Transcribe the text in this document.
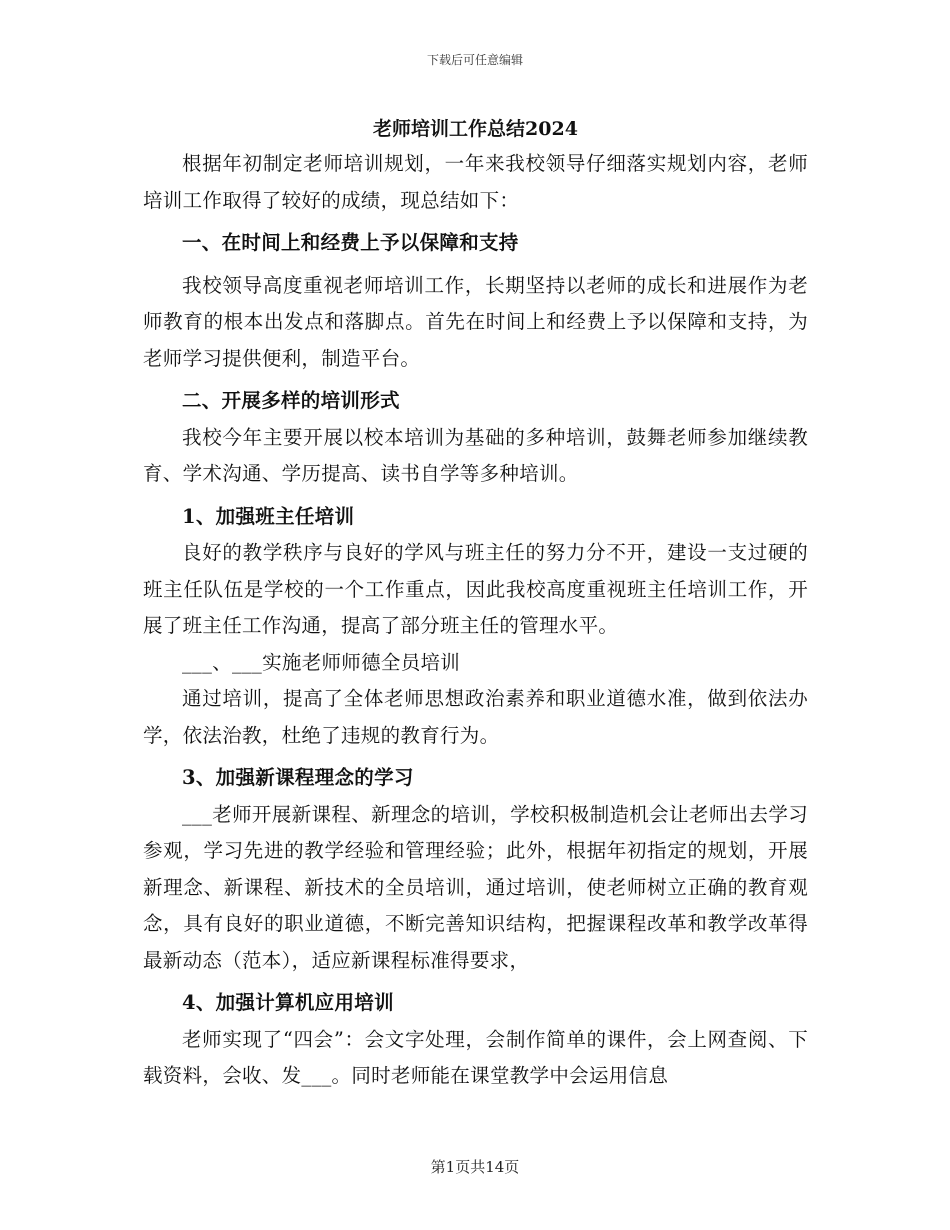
下载后可任意编辑
老师培训工作总结2024

根据年初制定老师培训规划，一年来我校领导仔细落实规划内容，老师培训工作取得了较好的成绩，现总结如下：

一、在时间上和经费上予以保障和支持

我校领导高度重视老师培训工作，长期坚持以老师的成长和进展作为老师教育的根本出发点和落脚点。首先在时间上和经费上予以保障和支持，为老师学习提供便利，制造平台。

二、开展多样的培训形式

我校今年主要开展以校本培训为基础的多种培训，鼓舞老师参加继续教育、学术沟通、学历提高、读书自学等多种培训。

1、加强班主任培训

良好的教学秩序与良好的学风与班主任的努力分不开，建设一支过硬的班主任队伍是学校的一个工作重点，因此我校高度重视班主任培训工作，开展了班主任工作沟通，提高了部分班主任的管理水平。

___、___实施老师师德全员培训

通过培训，提高了全体老师思想政治素养和职业道德水准，做到依法办学，依法治教，杜绝了违规的教育行为。

3、加强新课程理念的学习

___老师开展新课程、新理念的培训，学校积极制造机会让老师出去学习参观，学习先进的教学经验和管理经验；此外，根据年初指定的规划，开展新理念、新课程、新技术的全员培训，通过培训，使老师树立正确的教育观念，具有良好的职业道德，不断完善知识结构，把握课程改革和教学改革得最新动态（范本），适应新课程标准得要求，

4、加强计算机应用培训

老师实现了“四会”：会文字处理，会制作简单的课件，会上网查阅、下载资料，会收、发___。同时老师能在课堂教学中会运用信息

第1页共14页
